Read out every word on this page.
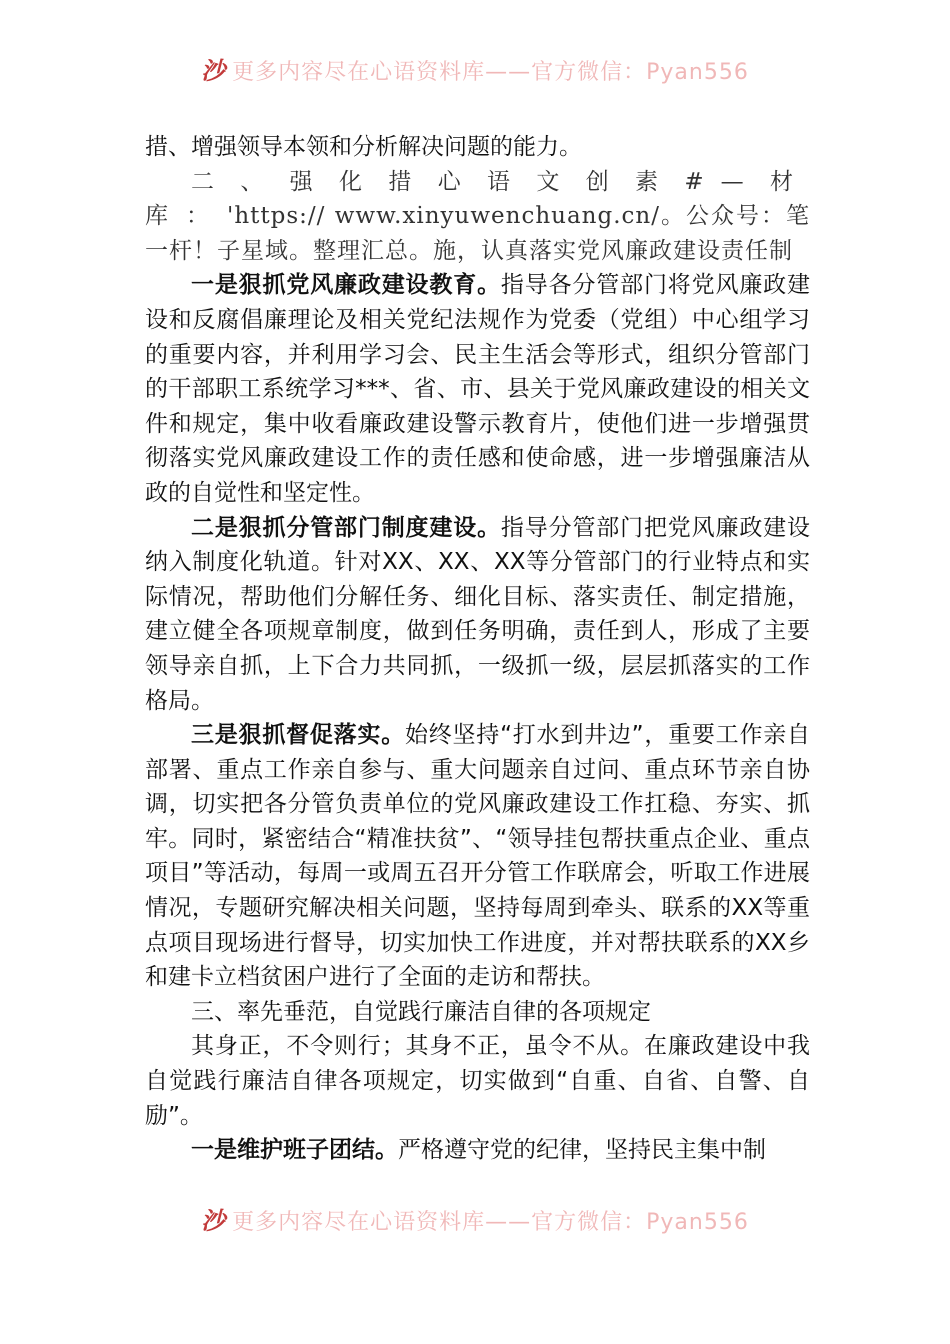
沙 更多内容尽在心语资料库——官方微信：Pyan556

措、增强领导本领和分析解决问题的能力。

二、强化措心语文创素#—材库：'https:// www.xinyuwenchuang.cn/。公众号：笔一杆！子星域。整理汇总。施，认真落实党风廉政建设责任制

一是狠抓党风廉政建设教育。指导各分管部门将党风廉政建设和反腐倡廉理论及相关党纪法规作为党委（党组）中心组学习的重要内容，并利用学习会、民主生活会等形式，组织分管部门的干部职工系统学习***、省、市、县关于党风廉政建设的相关文件和规定，集中收看廉政建设警示教育片，使他们进一步增强贯彻落实党风廉政建设工作的责任感和使命感，进一步增强廉洁从政的自觉性和坚定性。

二是狠抓分管部门制度建设。指导分管部门把党风廉政建设纳入制度化轨道。针对XX、XX、XX等分管部门的行业特点和实际情况，帮助他们分解任务、细化目标、落实责任、制定措施，建立健全各项规章制度，做到任务明确，责任到人，形成了主要领导亲自抓，上下合力共同抓，一级抓一级，层层抓落实的工作格局。

三是狠抓督促落实。始终坚持“打水到井边”，重要工作亲自部署、重点工作亲自参与、重大问题亲自过问、重点环节亲自协调，切实把各分管负责单位的党风廉政建设工作扛稳、夯实、抓牢。同时，紧密结合“精准扶贫”、“领导挂包帮扶重点企业、重点项目”等活动，每周一或周五召开分管工作联席会，听取工作进展情况，专题研究解决相关问题，坚持每周到牵头、联系的XX等重点项目现场进行督导，切实加快工作进度，并对帮扶联系的XX乡和建卡立档贫困户进行了全面的走访和帮扶。

三、率先垂范，自觉践行廉洁自律的各项规定

其身正，不令则行；其身不正，虽令不从。在廉政建设中我自觉践行廉洁自律各项规定，切实做到“自重、自省、自警、自励”。

一是维护班子团结。严格遵守党的纪律，坚持民主集中制

沙 更多内容尽在心语资料库——官方微信：Pyan556
